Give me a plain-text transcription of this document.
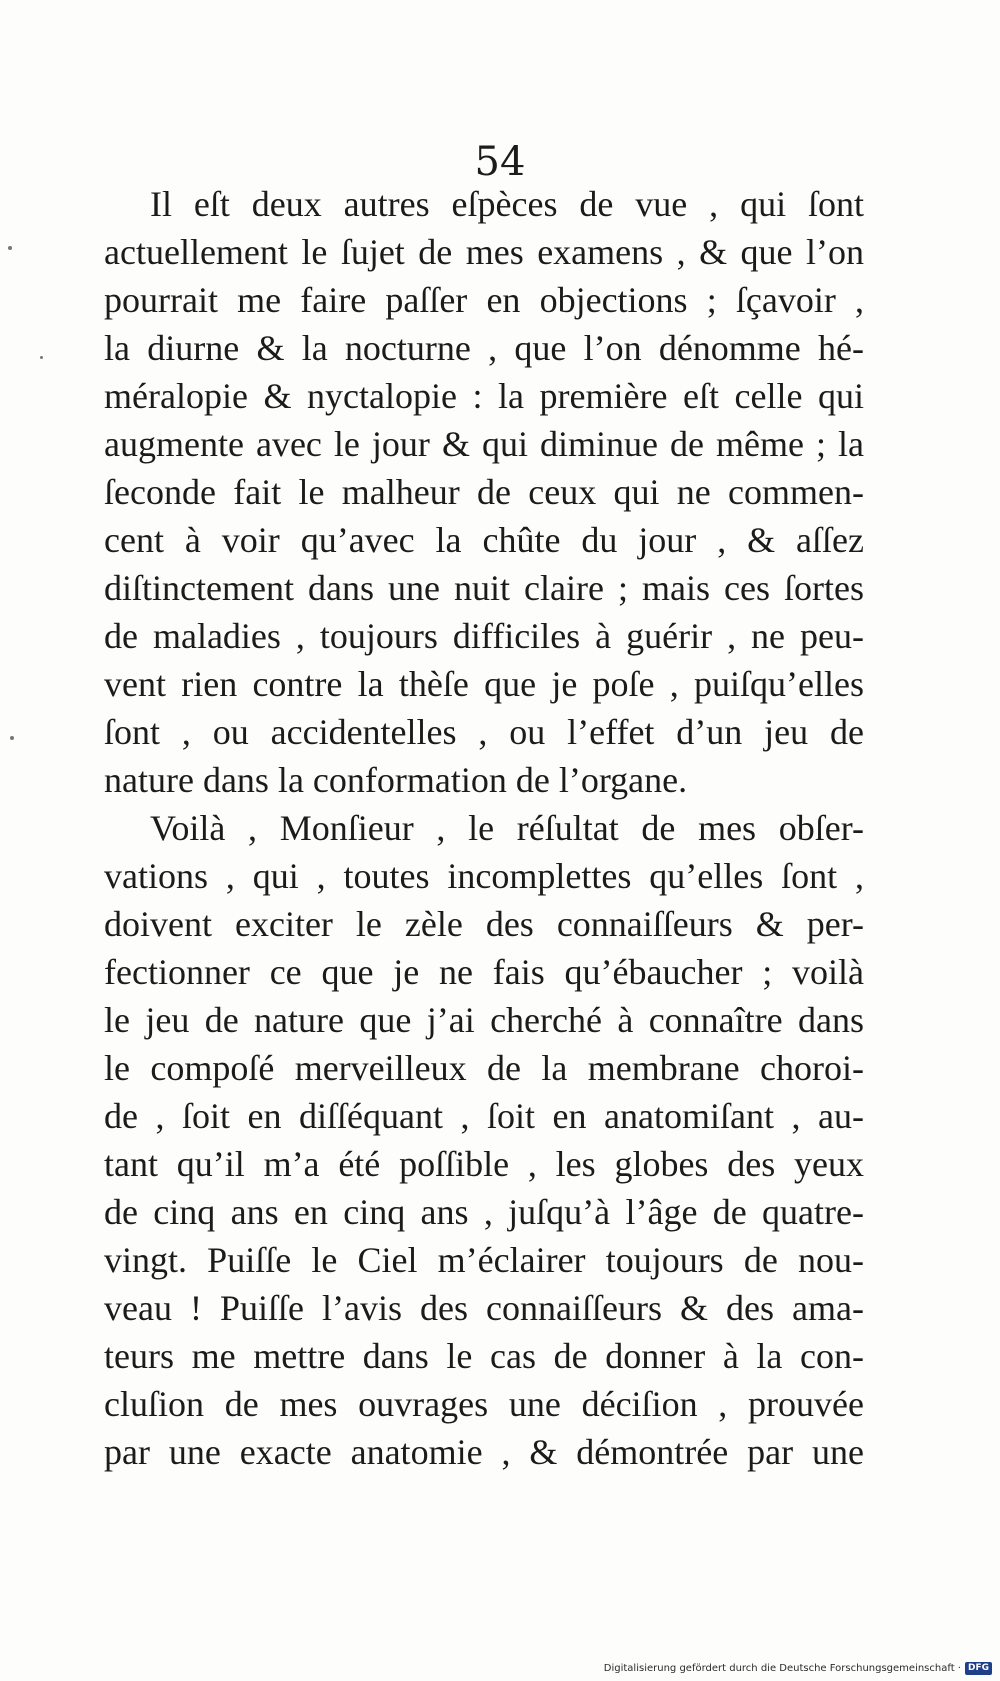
54
Il eſt deux autres eſpèces de vue , qui ſont
actuellement le ſujet de mes examens , & que l’on
pourrait me faire paſſer en objections ; ſçavoir ,
la diurne & la nocturne , que l’on dénomme hé-
méralopie & nyctalopie : la première eſt celle qui
augmente avec le jour & qui diminue de même ; la
ſeconde fait le malheur de ceux qui ne commen-
cent à voir qu’avec la chûte du jour , & aſſez
diſtinctement dans une nuit claire ; mais ces ſortes
de maladies , toujours difficiles à guérir , ne peu-
vent rien contre la thèſe que je poſe , puiſqu’elles
ſont , ou accidentelles , ou l’effet d’un jeu de
nature dans la conformation de l’organe.
Voilà , Monſieur , le réſultat de mes obſer-
vations , qui , toutes incomplettes qu’elles ſont ,
doivent exciter le zèle des connaiſſeurs & per-
fectionner ce que je ne fais qu’ébaucher ; voilà
le jeu de nature que j’ai cherché à connaître dans
le compoſé merveilleux de la membrane choroi-
de , ſoit en diſſéquant , ſoit en anatomiſant , au-
tant qu’il m’a été poſſible , les globes des yeux
de cinq ans en cinq ans , juſqu’à l’âge de quatre-
vingt. Puiſſe le Ciel m’éclairer toujours de nou-
veau ! Puiſſe l’avis des connaiſſeurs & des ama-
teurs me mettre dans le cas de donner à la con-
cluſion de mes ouvrages une déciſion , prouvée
par une exacte anatomie , & démontrée par une
Digitalisierung gefördert durch die Deutsche Forschungsgemeinschaft · DFG
